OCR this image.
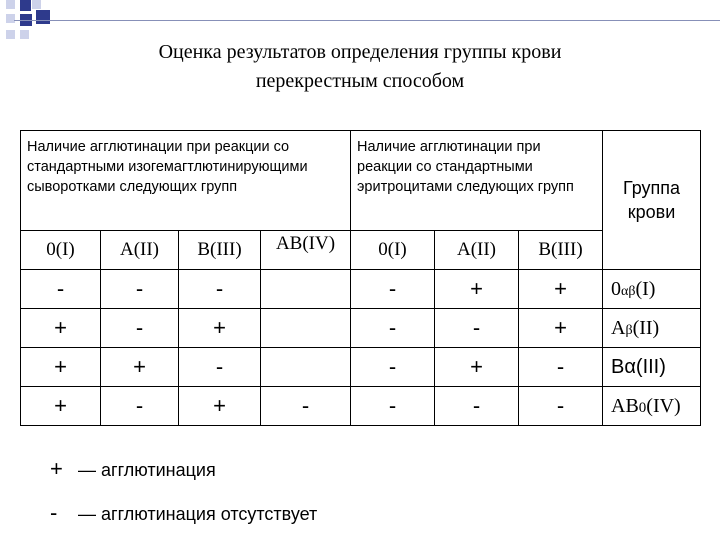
Оценка результатов определения группы крови
перекрестным способом
Наличие агглютинации при реакции со стандартными изогемагтлютинирующими сыворотками следующих групп				Наличие агглютинации при реакции со стандартными эритроцитами следующих групп			Группа крови
0(I)	A(II)	B(III)	AB(IV)	0(I)	A(II)	B(III)	
-	-	-		-	+	+	0αβ(I)
+	-	+		-	-	+	Aβ(II)
+	+	-		-	+	-	Bα(III)
+	-	+	-	-	-	-	AB0(IV)
+ — агглютинация
- — агглютинация отсутствует
